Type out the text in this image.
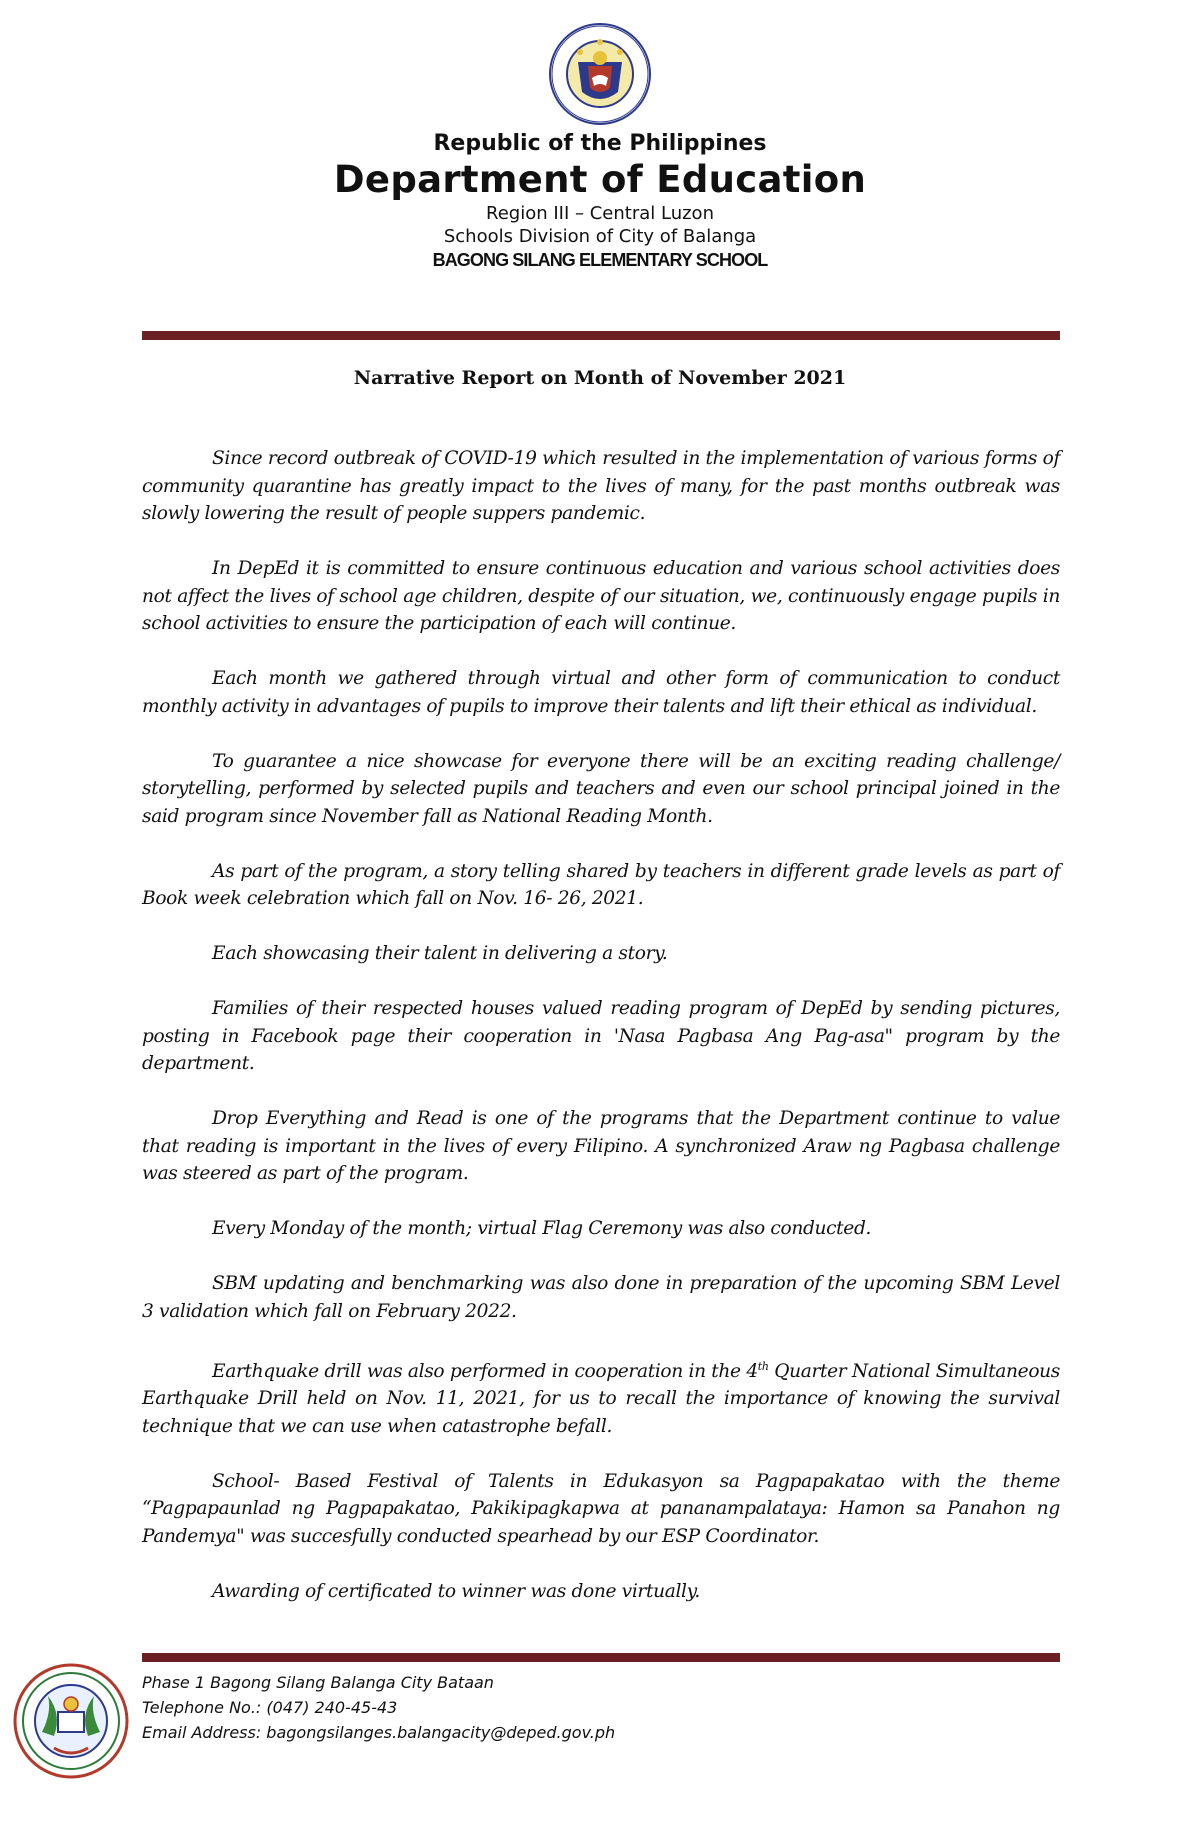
Republic of the Philippines
Department of Education
Region III – Central Luzon
Schools Division of City of Balanga
BAGONG SILANG ELEMENTARY SCHOOL
Narrative Report on Month of November 2021

Since record outbreak of COVID-19 which resulted in the implementation of various forms of community quarantine has greatly impact to the lives of many, for the past months outbreak was slowly lowering the result of people suppers pandemic.

In DepEd it is committed to ensure continuous education and various school activities does not affect the lives of school age children, despite of our situation, we, continuously engage pupils in school activities to ensure the participation of each will continue.

Each month we gathered through virtual and other form of communication to conduct monthly activity in advantages of pupils to improve their talents and lift their ethical as individual.

To guarantee a nice showcase for everyone there will be an exciting reading challenge/ storytelling, performed by selected pupils and teachers and even our school principal joined in the said program since November fall as National Reading Month.

As part of the program, a story telling shared by teachers in different grade levels as part of Book week celebration which fall on Nov. 16- 26, 2021.

Each showcasing their talent in delivering a story.

Families of their respected houses valued reading program of DepEd by sending pictures, posting in Facebook page their cooperation in 'Nasa Pagbasa Ang Pag-asa" program by the department.

Drop Everything and Read is one of the programs that the Department continue to value that reading is important in the lives of every Filipino. A synchronized Araw ng Pagbasa challenge was steered as part of the program.

Every Monday of the month; virtual Flag Ceremony was also conducted.

SBM updating and benchmarking was also done in preparation of the upcoming SBM Level 3 validation which fall on February 2022.

Earthquake drill was also performed in cooperation in the 4th Quarter National Simultaneous Earthquake Drill held on Nov. 11, 2021, for us to recall the importance of knowing the survival technique that we can use when catastrophe befall.

School- Based Festival of Talents in Edukasyon sa Pagpapakatao with the theme “Pagpapaunlad ng Pagpapakatao, Pakikipagkapwa at pananampalataya: Hamon sa Panahon ng Pandemya" was succesfully conducted spearhead by our ESP Coordinator.

Awarding of certificated to winner was done virtually.

Phase 1 Bagong Silang Balanga City Bataan
Telephone No.: (047) 240-45-43
Email Address: bagongsilanges.balangacity@deped.gov.ph
